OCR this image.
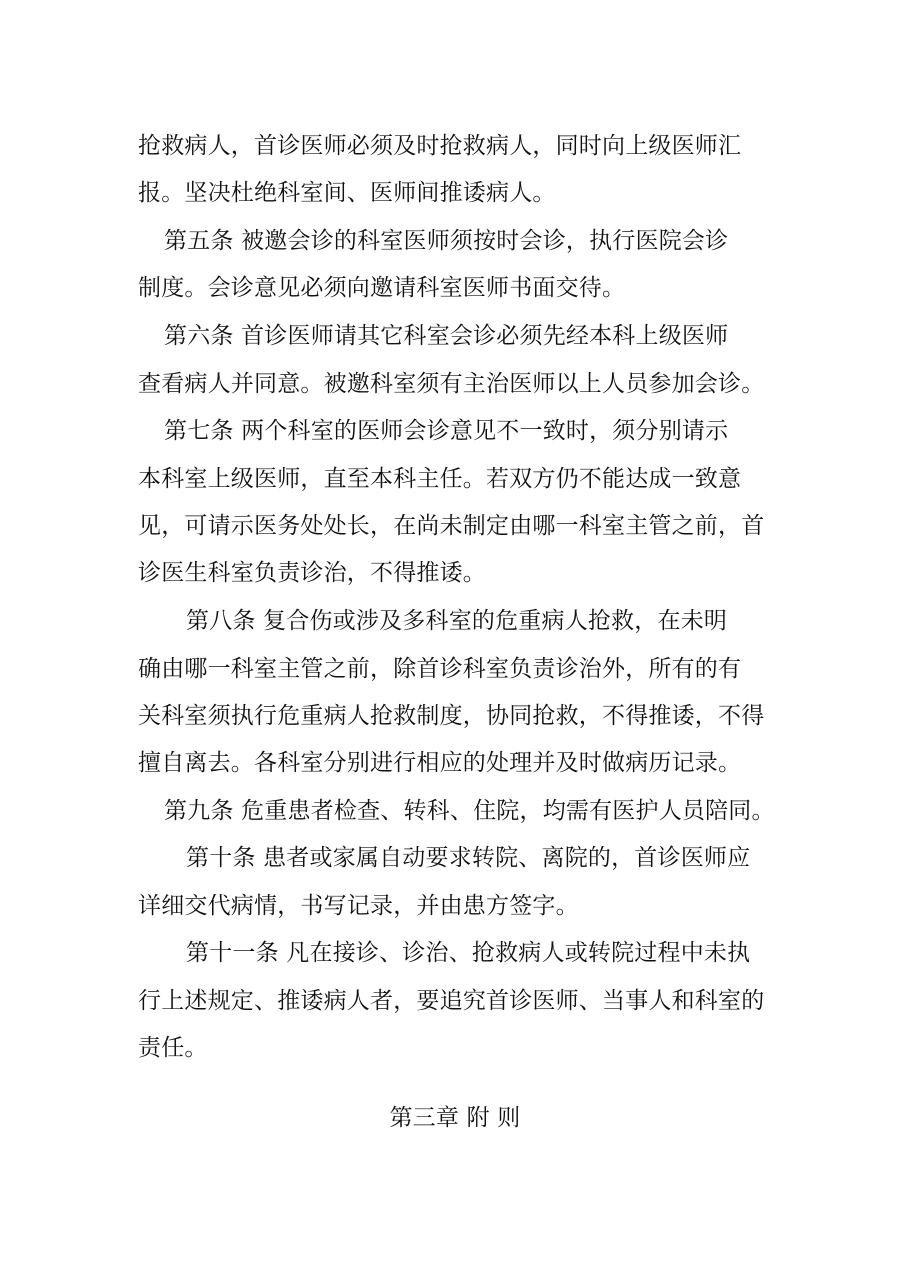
抢救病人，首诊医师必须及时抢救病人，同时向上级医师汇
报。坚决杜绝科室间、医师间推诿病人。
第五条 被邀会诊的科室医师须按时会诊，执行医院会诊
制度。会诊意见必须向邀请科室医师书面交待。
第六条 首诊医师请其它科室会诊必须先经本科上级医师
查看病人并同意。被邀科室须有主治医师以上人员参加会诊。
第七条 两个科室的医师会诊意见不一致时，须分别请示
本科室上级医师，直至本科主任。若双方仍不能达成一致意
见，可请示医务处处长，在尚未制定由哪一科室主管之前，首
诊医生科室负责诊治，不得推诿。
第八条 复合伤或涉及多科室的危重病人抢救，在未明
确由哪一科室主管之前，除首诊科室负责诊治外，所有的有
关科室须执行危重病人抢救制度，协同抢救，不得推诿，不得
擅自离去。各科室分别进行相应的处理并及时做病历记录。
第九条 危重患者检查、转科、住院，均需有医护人员陪同。
第十条 患者或家属自动要求转院、离院的，首诊医师应
详细交代病情，书写记录，并由患方签字。
第十一条 凡在接诊、诊治、抢救病人或转院过程中未执
行上述规定、推诿病人者，要追究首诊医师、当事人和科室的
责任。
第三章 附 则
